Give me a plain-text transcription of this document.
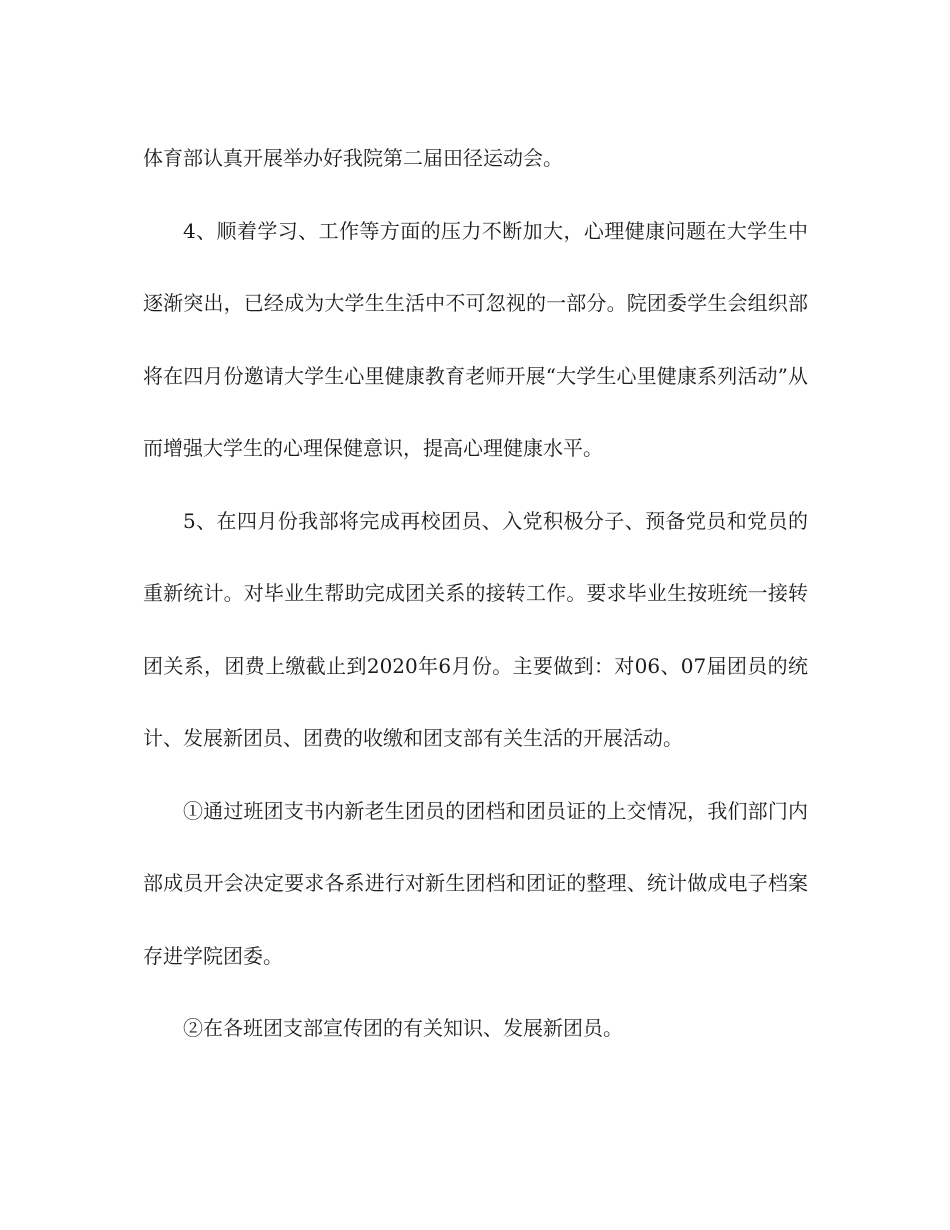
体育部认真开展举办好我院第二届田径运动会。

4、顺着学习、工作等方面的压力不断加大，心理健康问题在大学生中逐渐突出，已经成为大学生生活中不可忽视的一部分。院团委学生会组织部将在四月份邀请大学生心里健康教育老师开展“大学生心里健康系列活动”从而增强大学生的心理保健意识，提高心理健康水平。

5、在四月份我部将完成再校团员、入党积极分子、预备党员和党员的重新统计。对毕业生帮助完成团关系的接转工作。要求毕业生按班统一接转团关系，团费上缴截止到2020年6月份。主要做到：对06、07届团员的统计、发展新团员、团费的收缴和团支部有关生活的开展活动。

①通过班团支书内新老生团员的团档和团员证的上交情况，我们部门内部成员开会决定要求各系进行对新生团档和团证的整理、统计做成电子档案存进学院团委。

②在各班团支部宣传团的有关知识、发展新团员。
